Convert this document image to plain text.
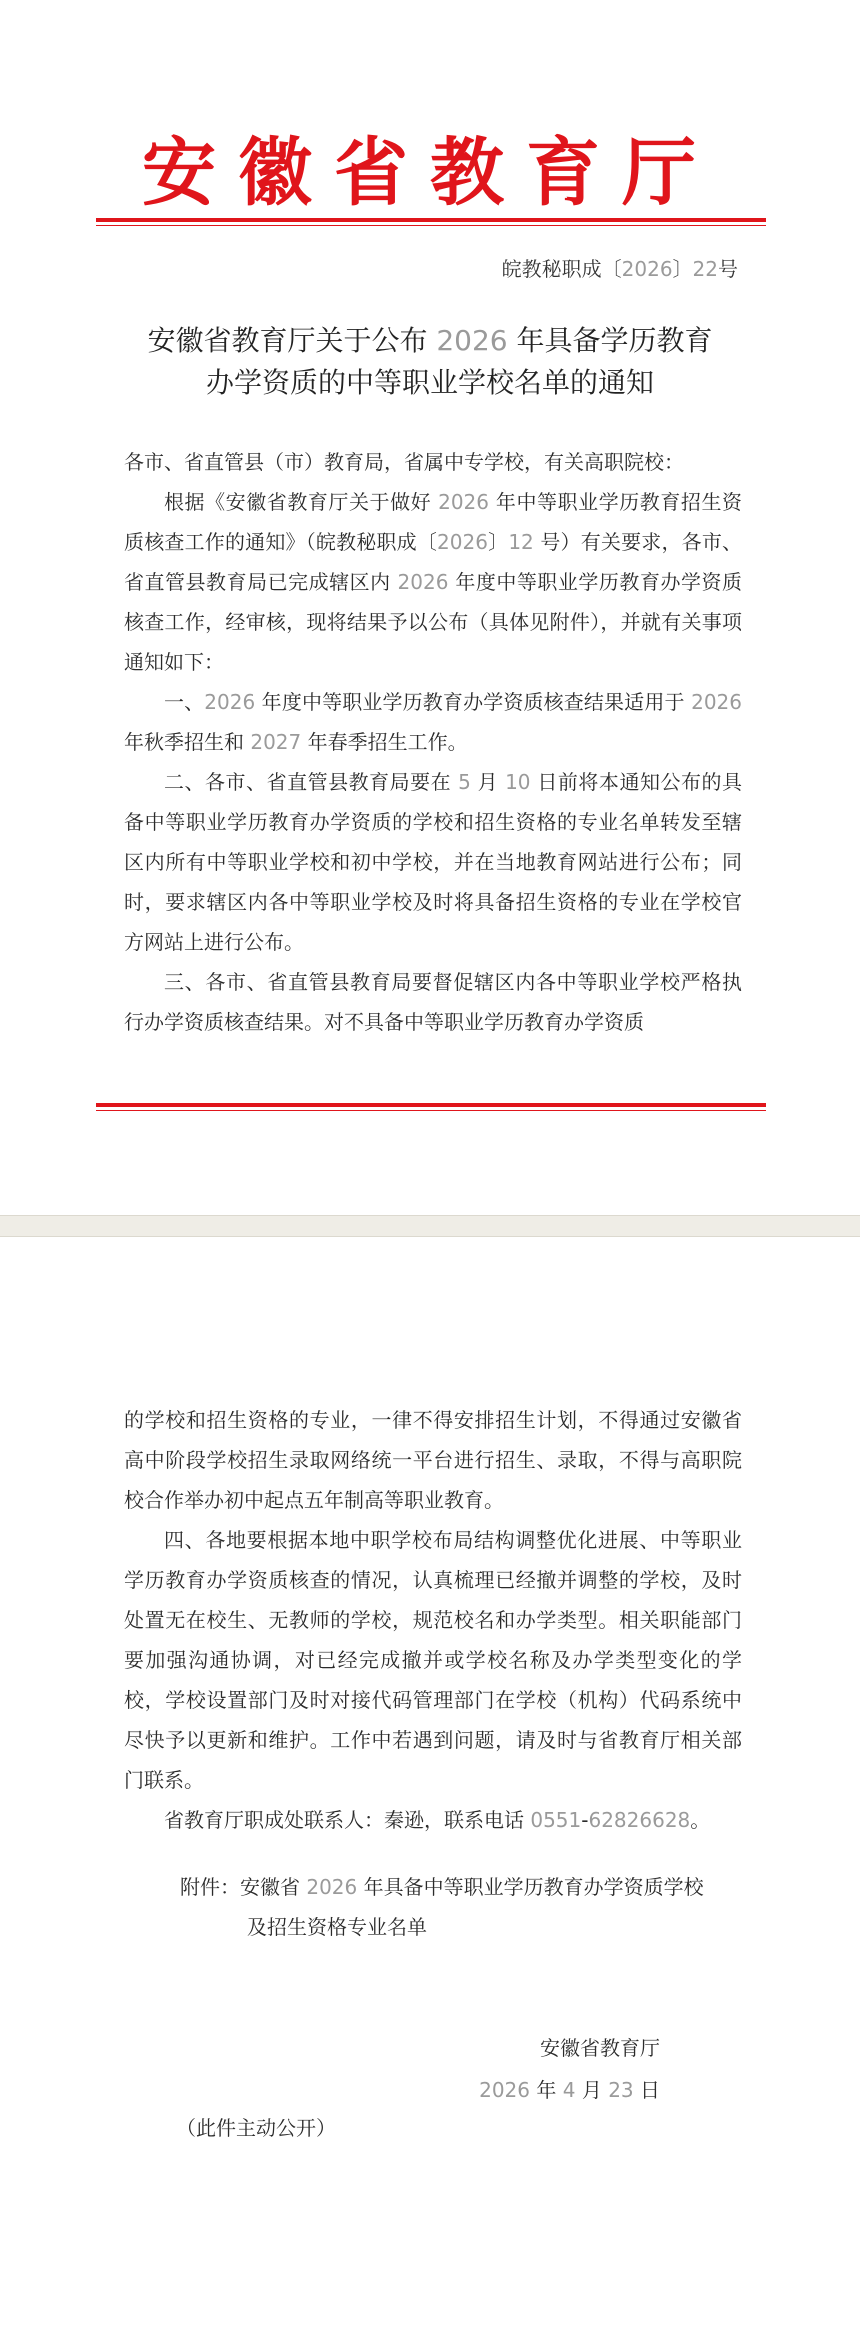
安徽省教育厅
皖教秘职成〔2026〕22号
安徽省教育厅关于公布 2026 年具备学历教育
办学资质的中等职业学校名单的通知

各市、省直管县（市）教育局，省属中专学校，有关高职院校：

根据《安徽省教育厅关于做好 2026 年中等职业学历教育招生资质核查工作的通知》（皖教秘职成〔2026〕12 号）有关要求，各市、省直管县教育局已完成辖区内 2026 年度中等职业学历教育办学资质核查工作，经审核，现将结果予以公布（具体见附件），并就有关事项通知如下：

一、2026 年度中等职业学历教育办学资质核查结果适用于 2026 年秋季招生和 2027 年春季招生工作。

二、各市、省直管县教育局要在 5 月 10 日前将本通知公布的具备中等职业学历教育办学资质的学校和招生资格的专业名单转发至辖区内所有中等职业学校和初中学校，并在当地教育网站进行公布；同时，要求辖区内各中等职业学校及时将具备招生资格的专业在学校官方网站上进行公布。

三、各市、省直管县教育局要督促辖区内各中等职业学校严格执行办学资质核查结果。对不具备中等职业学历教育办学资质

的学校和招生资格的专业，一律不得安排招生计划，不得通过安徽省高中阶段学校招生录取网络统一平台进行招生、录取，不得与高职院校合作举办初中起点五年制高等职业教育。

四、各地要根据本地中职学校布局结构调整优化进展、中等职业学历教育办学资质核查的情况，认真梳理已经撤并调整的学校，及时处置无在校生、无教师的学校，规范校名和办学类型。相关职能部门要加强沟通协调，对已经完成撤并或学校名称及办学类型变化的学校，学校设置部门及时对接代码管理部门在学校（机构）代码系统中尽快予以更新和维护。工作中若遇到问题，请及时与省教育厅相关部门联系。

省教育厅职成处联系人：秦逊，联系电话 0551-62826628。

附件：安徽省 2026 年具备中等职业学历教育办学资质学校
及招生资格专业名单
安徽省教育厅
2026 年 4 月 23 日
（此件主动公开）
